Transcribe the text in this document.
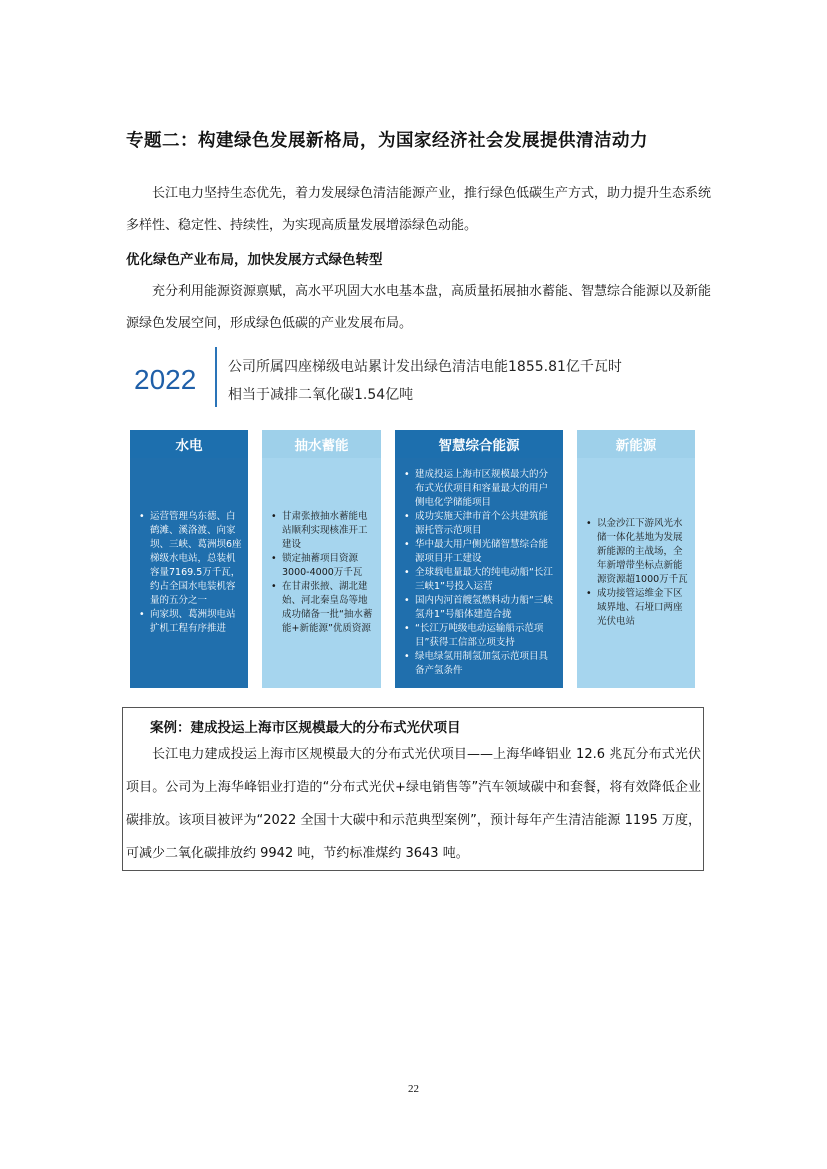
专题二：构建绿色发展新格局，为国家经济社会发展提供清洁动力

长江电力坚持生态优先，着力发展绿色清洁能源产业，推行绿色低碳生产方式，助力提升生态系统多样性、稳定性、持续性，为实现高质量发展增添绿色动能。

优化绿色产业布局，加快发展方式绿色转型

充分利用能源资源禀赋，高水平巩固大水电基本盘，高质量拓展抽水蓄能、智慧综合能源以及新能源绿色发展空间，形成绿色低碳的产业发展布局。

2022 公司所属四座梯级电站累计发出绿色清洁电能1855.81亿千瓦时
相当于减排二氧化碳1.54亿吨
水电
• 运营管理乌东德、白鹤滩、溪洛渡、向家坝、三峡、葛洲坝6座梯级水电站，总装机容量7169.5万千瓦，约占全国水电装机容量的五分之一
• 向家坝、葛洲坝电站扩机工程有序推进
抽水蓄能
• 甘肃张掖抽水蓄能电站顺利实现核准开工建设
• 锁定抽蓄项目资源3000-4000万千瓦
• 在甘肃张掖、湖北建始、河北秦皇岛等地成功储备一批“抽水蓄能+新能源”优质资源
智慧综合能源
• 建成投运上海市区规模最大的分布式光伏项目和容量最大的用户侧电化学储能项目
• 成功实施天津市首个公共建筑能源托管示范项目
• 华中最大用户侧光储智慧综合能源项目开工建设
• 全球载电量最大的纯电动船“长江三峡1”号投入运营
• 国内内河首艘氢燃料动力船“三峡氢舟1”号船体建造合拢
• “长江万吨级电动运输船示范项目”获得工信部立项支持
• 绿电绿氢用制氢加氢示范项目具备产氢条件
新能源
• 以金沙江下游风光水储一体化基地为发展新能源的主战场，全年新增带坐标点新能源资源超1000万千瓦
• 成功接管运维金下区域界地、石垭口两座光伏电站
案例：建成投运上海市区规模最大的分布式光伏项目

长江电力建成投运上海市区规模最大的分布式光伏项目——上海华峰铝业 12.6 兆瓦分布式光伏项目。公司为上海华峰铝业打造的“分布式光伏+绿电销售等”汽车领域碳中和套餐，将有效降低企业碳排放。该项目被评为“2022 全国十大碳中和示范典型案例”，预计每年产生清洁能源 1195 万度，可减少二氧化碳排放约 9942 吨，节约标准煤约 3643 吨。

22
